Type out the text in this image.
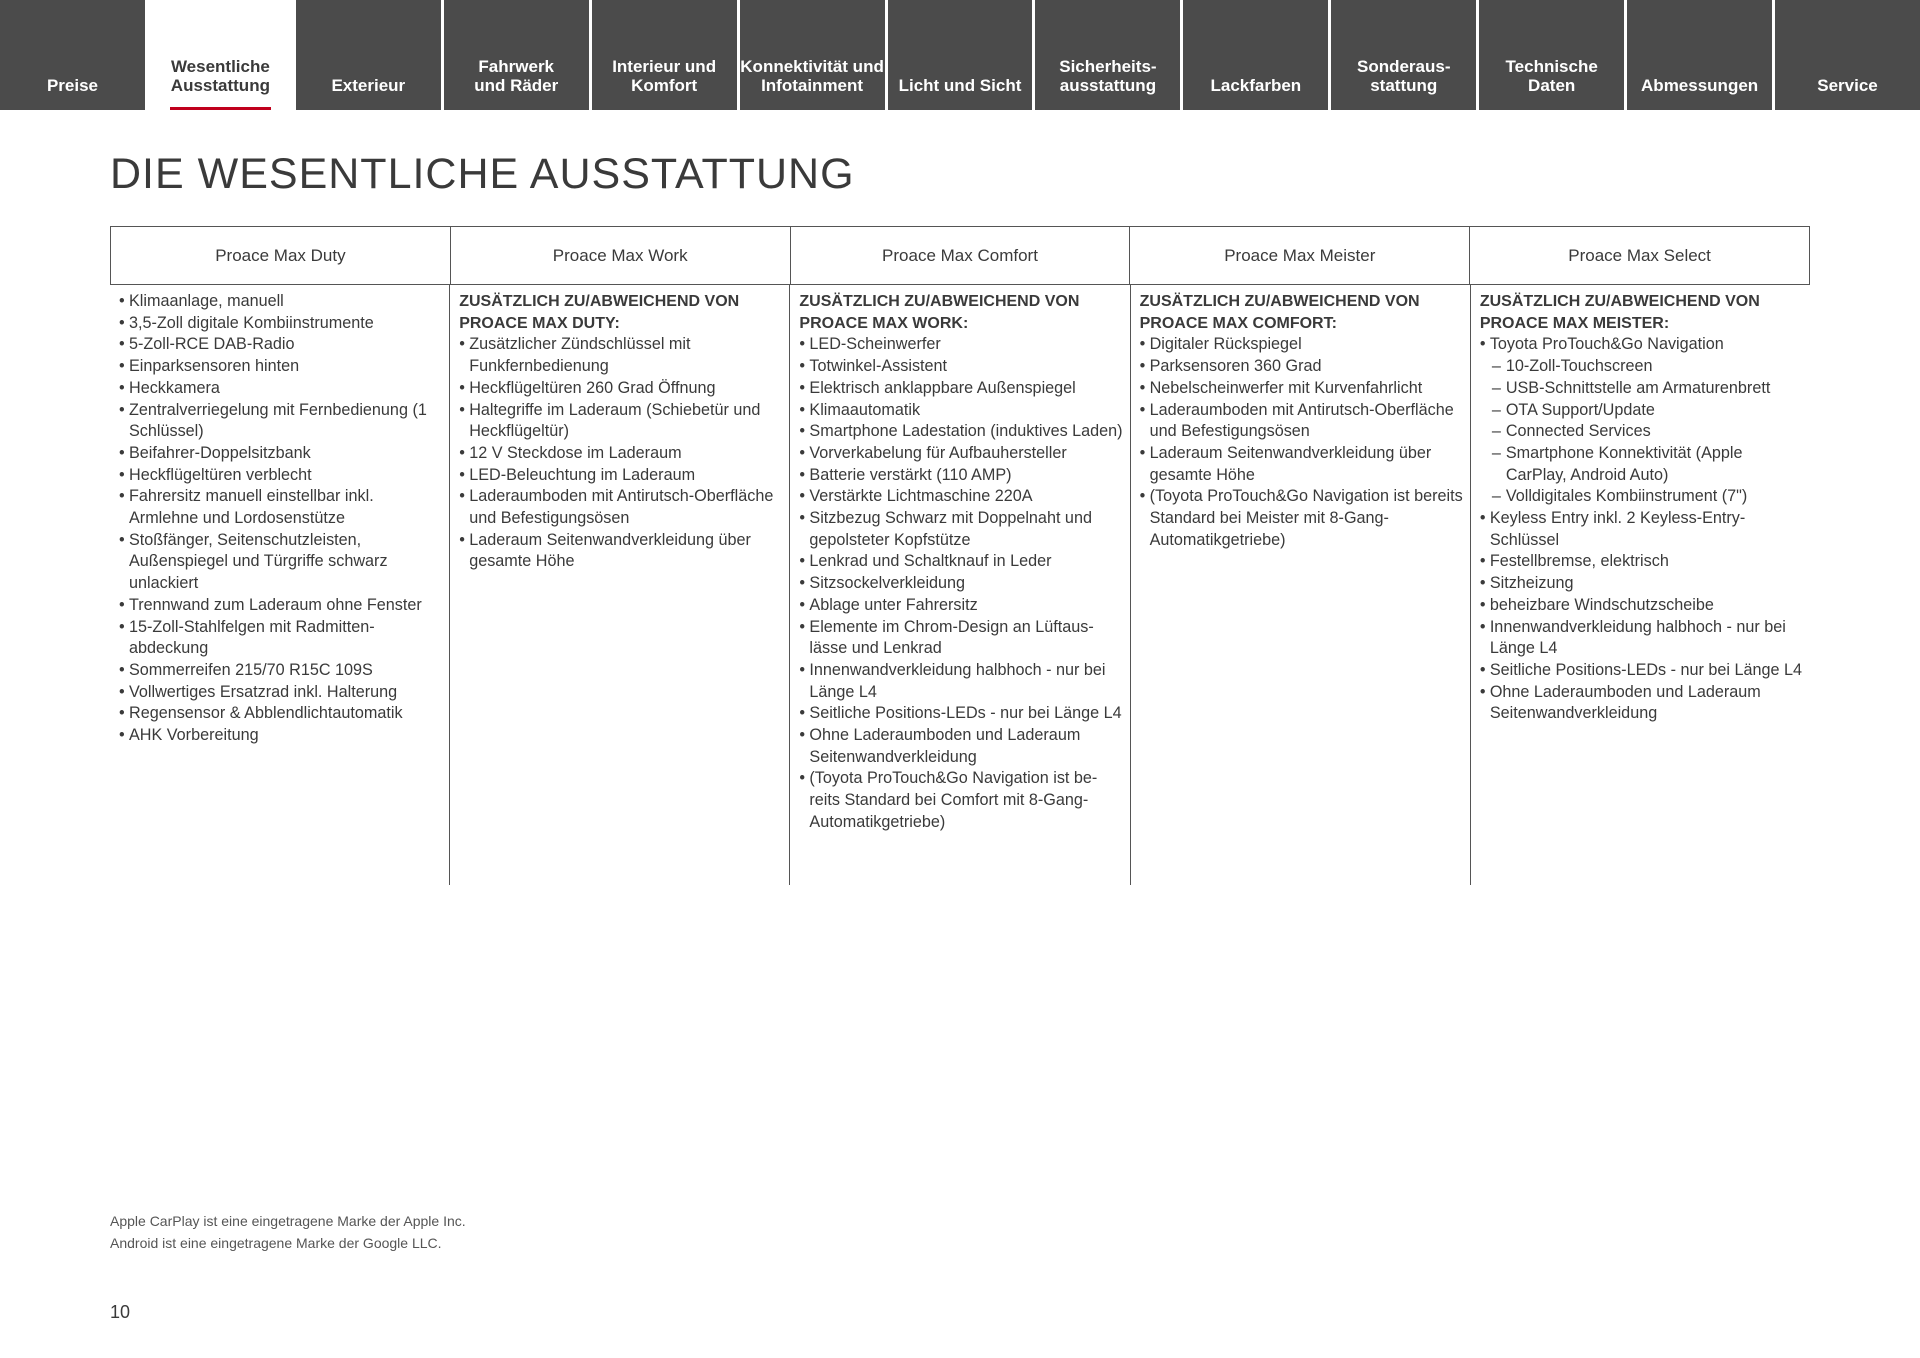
Preise
Wesentliche
Ausstattung	Exterieur
Fahrwerk
und Räder
Interieur und
Komfort
Konnektivität und
Infotainment	Licht und Sicht
Sicherheits-
ausstattung	Lackfarben
Sonderaus-
stattung
Technische
Daten	Abmessungen	Service
DIE WESENTLICHE AUSSTATTUNG
Proace Max Duty	Proace Max Work	Proace Max Comfort	Proace Max Meister	Proace Max Select
• Klimaanlage, manuell
• 3,5-Zoll digitale Kombiinstrumente
• 5-Zoll-RCE DAB-Radio
• Einparksensoren hinten
• Heckkamera
• Zentralverriegelung mit Fernbedienung (1 Schlüssel)
• Beifahrer-Doppelsitzbank
• Heckflügeltüren verblecht
• Fahrersitz manuell einstellbar inkl. Armlehne und Lordosenstütze
• Stoßfänger, Seitenschutzleisten, Außenspiegel und Türgriffe schwarz unlackiert
• Trennwand zum Laderaum ohne Fenster
• 15-Zoll-Stahlfelgen mit Radmitten-abdeckung
• Sommerreifen 215/70 R15C 109S
• Vollwertiges Ersatzrad inkl. Halterung
• Regensensor & Abblendlichtautomatik
• AHK Vorbereitung

ZUSÄTZLICH ZU/ABWEICHEND VON
PROACE MAX DUTY:

• Zusätzlicher Zündschlüssel mit Funkfernbedienung
• Heckflügeltüren 260 Grad Öffnung
• Haltegriffe im Laderaum (Schiebetür und Heckflügeltür)
• 12 V Steckdose im Laderaum
• LED-Beleuchtung im Laderaum
• Laderaumboden mit Antirutsch-Oberfläche und Befestigungsösen
• Laderaum Seitenwandverkleidung über gesamte Höhe

ZUSÄTZLICH ZU/ABWEICHEND VON
PROACE MAX WORK:

• LED-Scheinwerfer
• Totwinkel-Assistent
• Elektrisch anklappbare Außenspiegel
• Klimaautomatik
• Smartphone Ladestation (induktives Laden)
• Vorverkabelung für Aufbauhersteller
• Batterie verstärkt (110 AMP)
• Verstärkte Lichtmaschine 220A
• Sitzbezug Schwarz mit Doppelnaht und gepolsteter Kopfstütze
• Lenkrad und Schaltknauf in Leder
• Sitzsockelverkleidung
• Ablage unter Fahrersitz
• Elemente im Chrom-Design an Lüftaus-lässe und Lenkrad
• Innenwandverkleidung halbhoch - nur bei Länge L4
• Seitliche Positions-LEDs - nur bei Länge L4
• Ohne Laderaumboden und Laderaum Seitenwandverkleidung
• (Toyota ProTouch&Go Navigation ist be-reits Standard bei Comfort mit 8-Gang-Automatikgetriebe)

ZUSÄTZLICH ZU/ABWEICHEND VON
PROACE MAX COMFORT:

• Digitaler Rückspiegel
• Parksensoren 360 Grad
• Nebelscheinwerfer mit Kurvenfahrlicht
• Laderaumboden mit Antirutsch-Oberfläche und Befestigungsösen
• Laderaum Seitenwandverkleidung über gesamte Höhe
• (Toyota ProTouch&Go Navigation ist bereits Standard bei Meister mit 8-Gang-Automatikgetriebe)

ZUSÄTZLICH ZU/ABWEICHEND VON
PROACE MAX MEISTER:

• Toyota ProTouch&Go Navigation
– 10-Zoll-Touchscreen
– USB-Schnittstelle am Armaturenbrett
– OTA Support/Update
– Connected Services
– Smartphone Konnektivität (Apple CarPlay, Android Auto)
– Volldigitales Kombiinstrument (7")
• Keyless Entry inkl. 2 Keyless-Entry-Schlüssel
• Festellbremse, elektrisch
• Sitzheizung
• beheizbare Windschutzscheibe
• Innenwandverkleidung halbhoch - nur bei Länge L4
• Seitliche Positions-LEDs - nur bei Länge L4
• Ohne Laderaumboden und Laderaum Seitenwandverkleidung
Apple CarPlay ist eine eingetragene Marke der Apple Inc.
Android ist eine eingetragene Marke der Google LLC.
10
